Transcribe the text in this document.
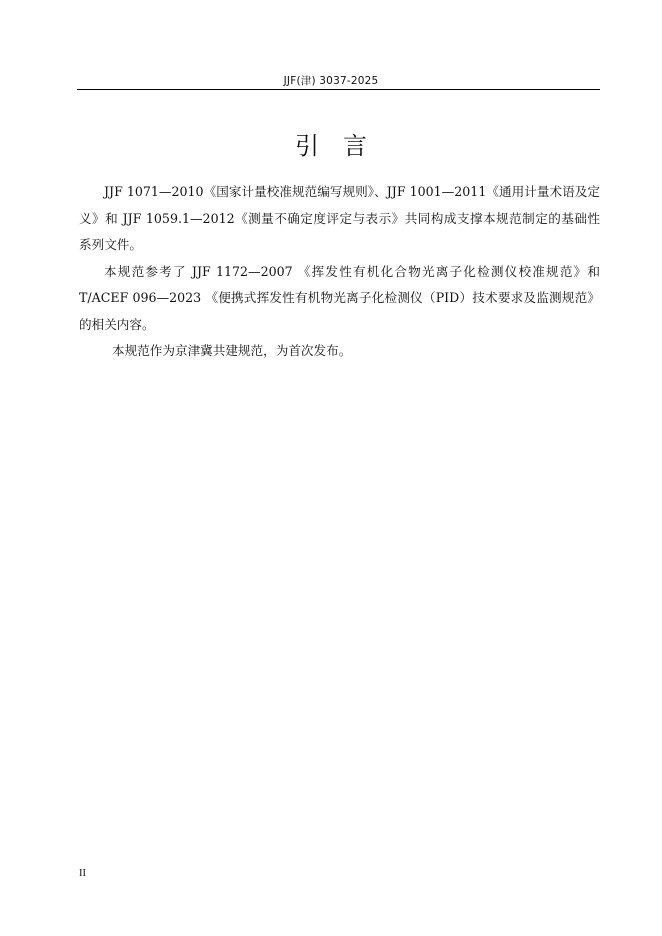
JJF(津) 3037-2025
引言
JJF 1071—2010《国家计量校准规范编写规则》、JJF 1001—2011《通用计量术语及定
义》和 JJF 1059.1—2012《测量不确定度评定与表示》共同构成支撑本规范制定的基础性
系列文件。
本规范参考了 JJF 1172—2007 《挥发性有机化合物光离子化检测仪校准规范》和
T/ACEF 096—2023 《便携式挥发性有机物光离子化检测仪（PID）技术要求及监测规范》
的相关内容。
本规范作为京津冀共建规范，为首次发布。
II
